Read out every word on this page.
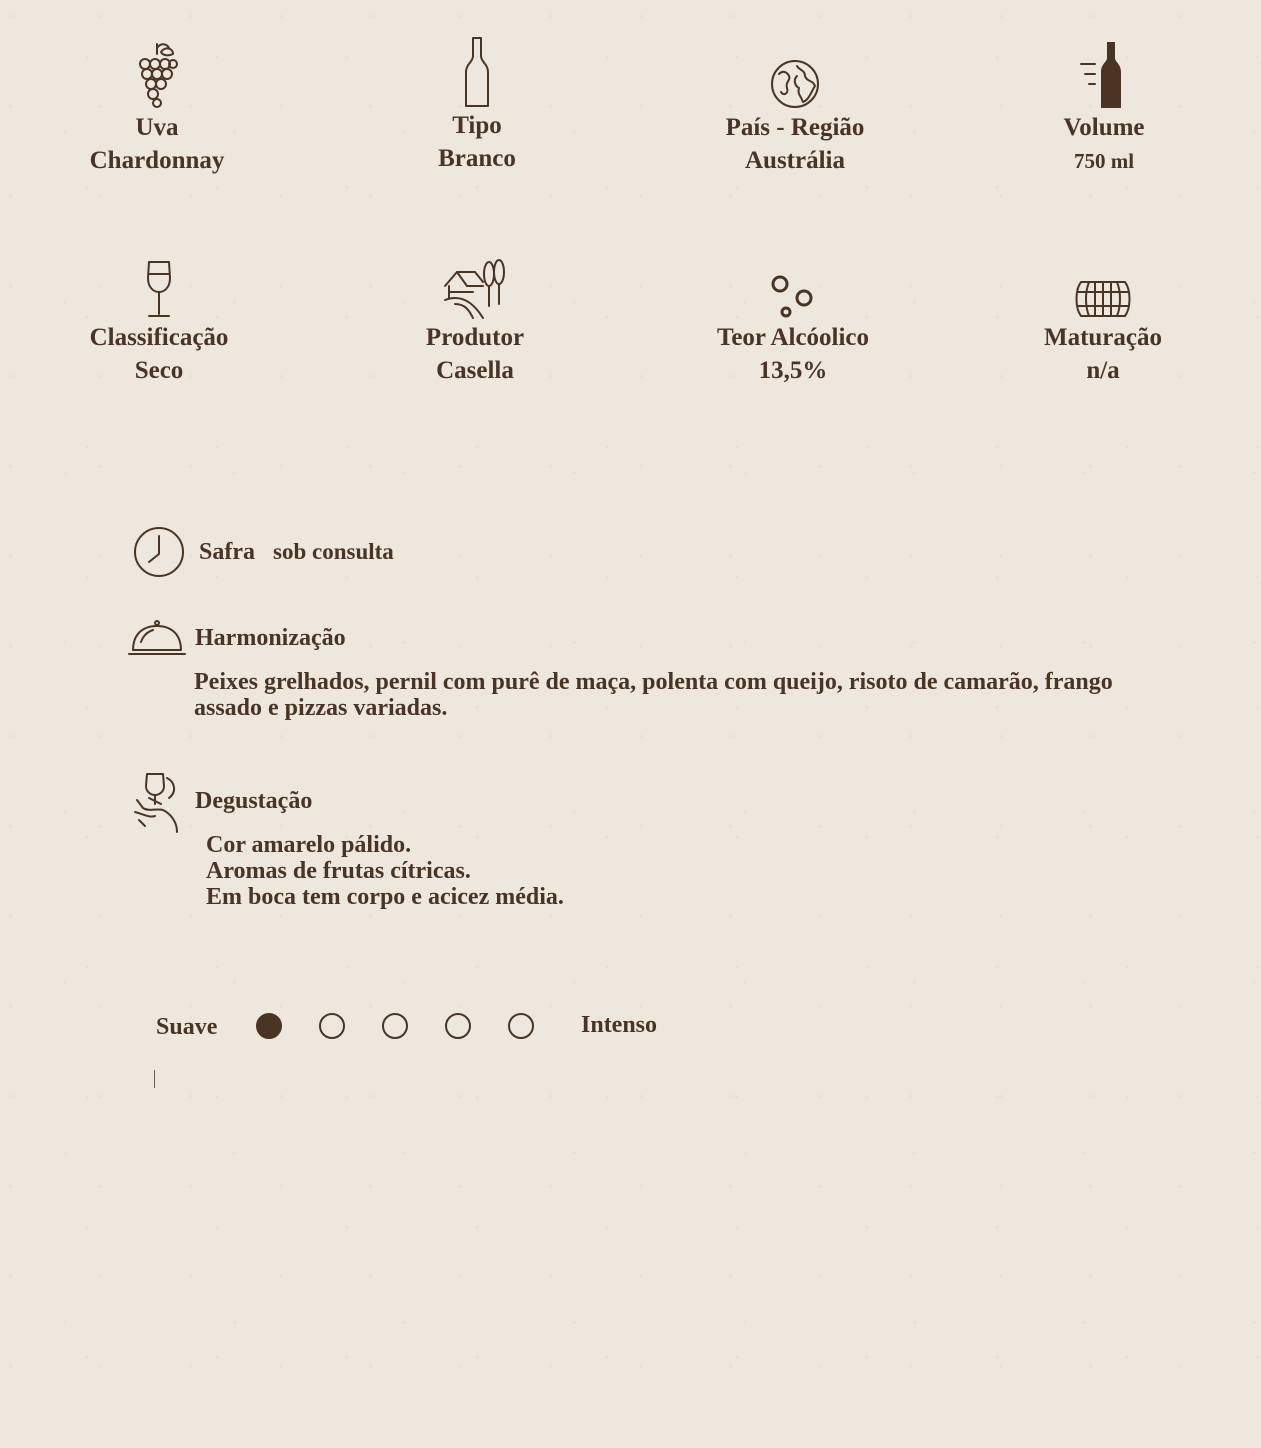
Uva
Chardonnay
Tipo
Branco
País - Região
Austrália
Volume
750 ml
Classificação
Seco
Produtor
Casella
Teor Alcóolico
13,5%
Maturação
n/a
Safra sob consulta
Harmonização
Peixes grelhados, pernil com purê de maça, polenta com queijo, risoto de camarão, frango assado e pizzas variadas.
Degustação
Cor amarelo pálido.
Aromas de frutas cítricas.
Em boca tem corpo e acicez média.
Suave	Intenso
